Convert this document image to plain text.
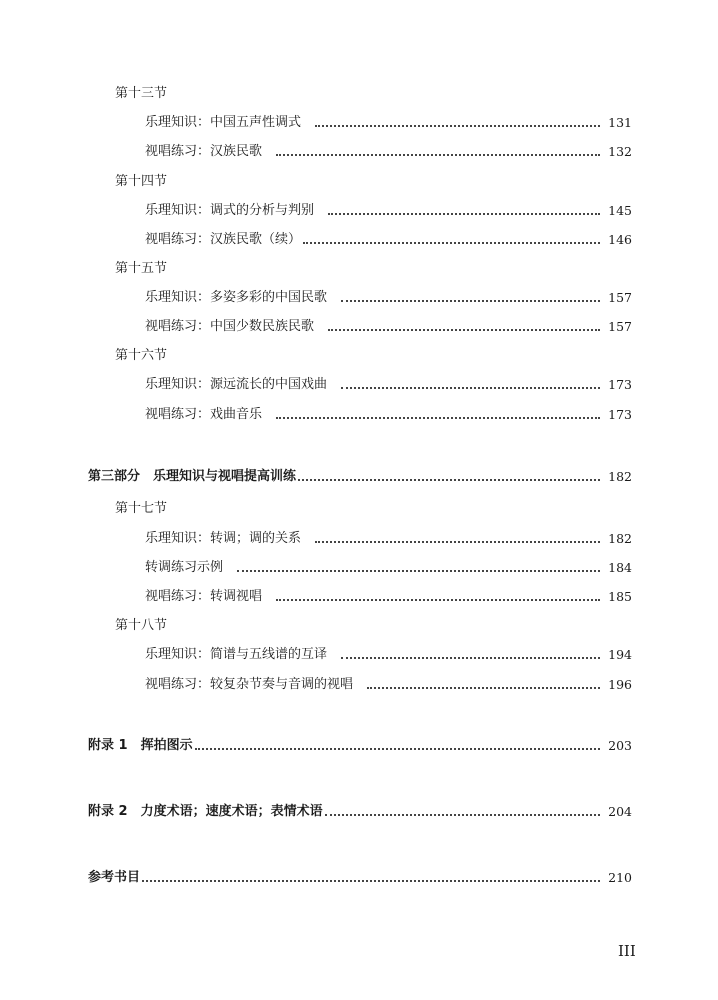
第十三节
乐理知识：中国五声性调式	131
视唱练习：汉族民歌	132
第十四节
乐理知识：调式的分析与判别	145
视唱练习：汉族民歌（续）	146
第十五节
乐理知识：多姿多彩的中国民歌	157
视唱练习：中国少数民族民歌	157
第十六节
乐理知识：源远流长的中国戏曲	173
视唱练习：戏曲音乐	173
第三部分　乐理知识与视唱提高训练	182
第十七节
乐理知识：转调；调的关系	182
转调练习示例	184
视唱练习：转调视唱	185
第十八节
乐理知识：简谱与五线谱的互译	194
视唱练习：较复杂节奏与音调的视唱	196
附录 1　挥拍图示	203
附录 2　力度术语；速度术语；表情术语	204
参考书目	210
III
